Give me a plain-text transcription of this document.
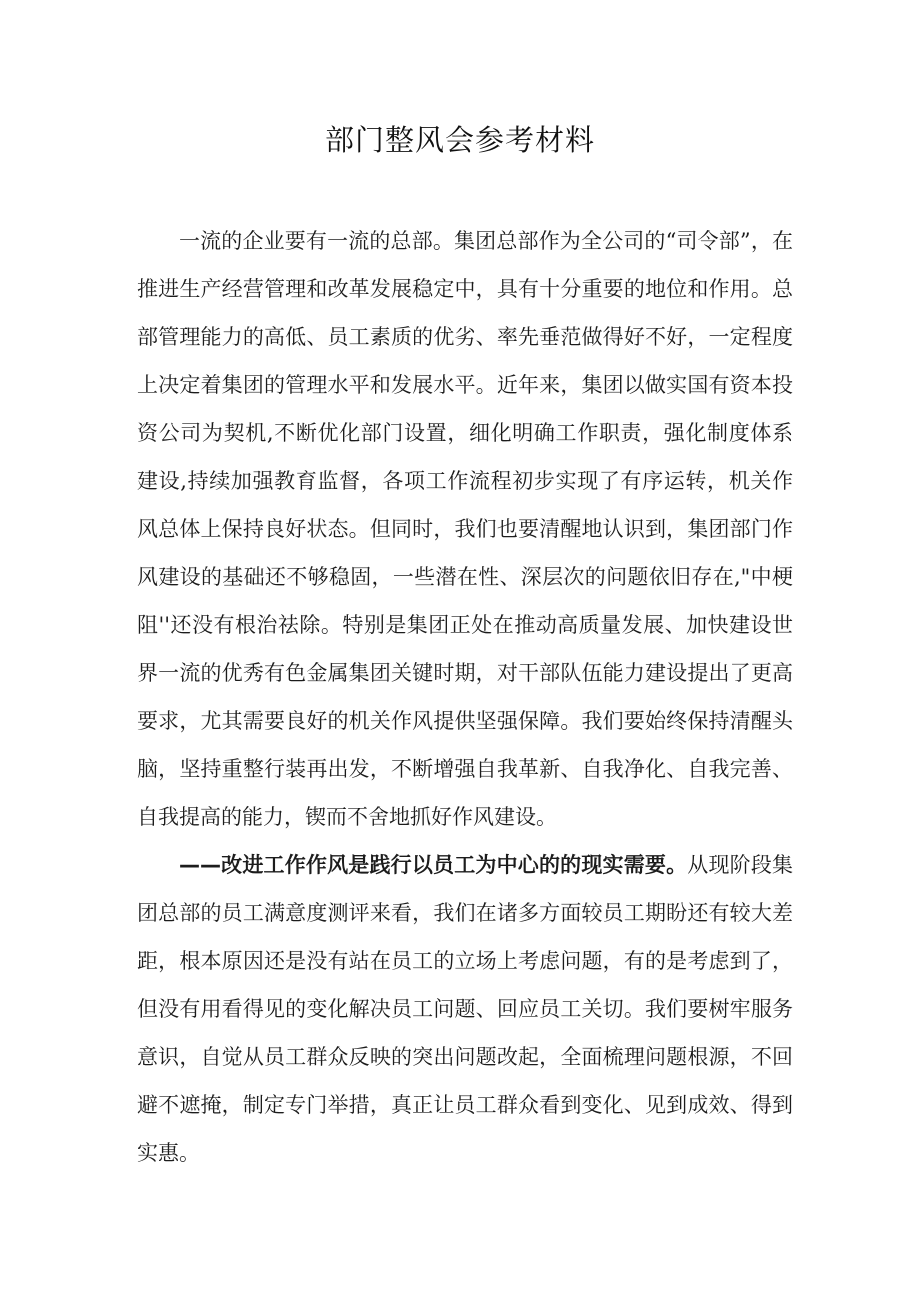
部门整风会参考材料

一流的企业要有一流的总部。集团总部作为全公司的“司令部”，在推进生产经营管理和改革发展稳定中，具有十分重要的地位和作用。总部管理能力的高低、员工素质的优劣、率先垂范做得好不好，一定程度上决定着集团的管理水平和发展水平。近年来，集团以做实国有资本投资公司为契机,不断优化部门设置，细化明确工作职责，强化制度体系建设,持续加强教育监督，各项工作流程初步实现了有序运转，机关作风总体上保持良好状态。但同时，我们也要清醒地认识到，集团部门作风建设的基础还不够稳固，一些潜在性、深层次的问题依旧存在,"中梗阻''还没有根治祛除。特别是集团正处在推动高质量发展、加快建设世界一流的优秀有色金属集团关键时期，对干部队伍能力建设提出了更高要求，尤其需要良好的机关作风提供坚强保障。我们要始终保持清醒头脑，坚持重整行装再出发，不断增强自我革新、自我净化、自我完善、自我提高的能力，锲而不舍地抓好作风建设。

——改进工作作风是践行以员工为中心的的现实需要。从现阶段集团总部的员工满意度测评来看，我们在诸多方面较员工期盼还有较大差距，根本原因还是没有站在员工的立场上考虑问题，有的是考虑到了，但没有用看得见的变化解决员工问题、回应员工关切。我们要树牢服务意识，自觉从员工群众反映的突出问题改起，全面梳理问题根源，不回避不遮掩，制定专门举措，真正让员工群众看到变化、见到成效、得到实惠。
